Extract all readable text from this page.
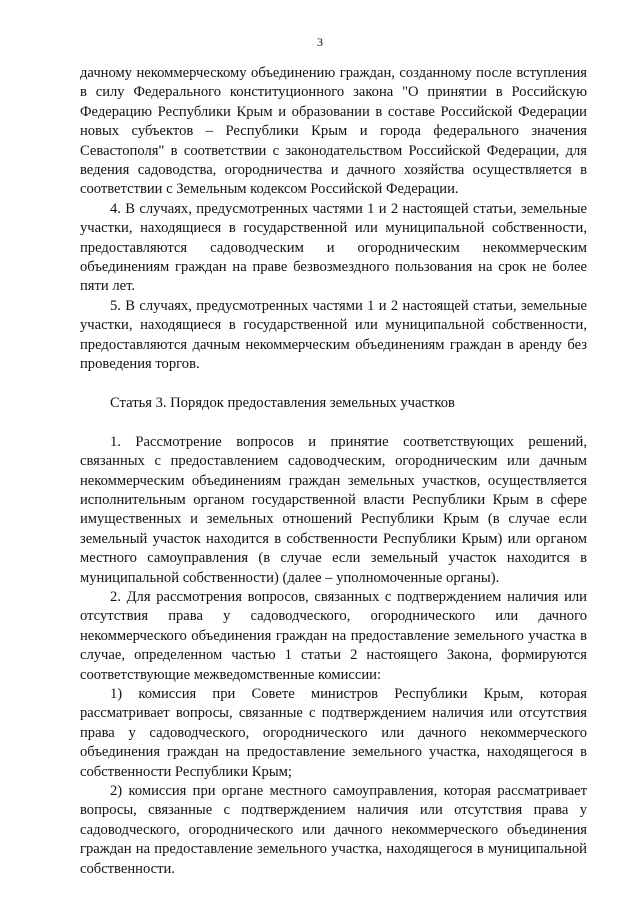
3

дачному некоммерческому объединению граждан, созданному после вступления в силу Федерального конституционного закона "О принятии в Российскую Федерацию Республики Крым и образовании в составе Российской Федерации новых субъектов – Республики Крым и города федерального значения Севастополя" в соответствии с законодательством Российской Федерации, для ведения садоводства, огородничества и дачного хозяйства осуществляется в соответствии с Земельным кодексом Российской Федерации.

4. В случаях, предусмотренных частями 1 и 2 настоящей статьи, земельные участки, находящиеся в государственной или муниципальной собственности, предоставляются садоводческим и огородническим некоммерческим объединениям граждан на праве безвозмездного пользования на срок не более пяти лет.

5. В случаях, предусмотренных частями 1 и 2 настоящей статьи, земельные участки, находящиеся в государственной или муниципальной собственности, предоставляются дачным некоммерческим объединениям граждан в аренду без проведения торгов.

Статья 3. Порядок предоставления земельных участков

1. Рассмотрение вопросов и принятие соответствующих решений, связанных с предоставлением садоводческим, огородническим или дачным некоммерческим объединениям граждан земельных участков, осуществляется исполнительным органом государственной власти Республики Крым в сфере имущественных и земельных отношений Республики Крым (в случае если земельный участок находится в собственности Республики Крым) или органом местного самоуправления (в случае если земельный участок находится в муниципальной собственности) (далее – уполномоченные органы).

2. Для рассмотрения вопросов, связанных с подтверждением наличия или отсутствия права у садоводческого, огороднического или дачного некоммерческого объединения граждан на предоставление земельного участка в случае, определенном частью 1 статьи 2 настоящего Закона, формируются соответствующие межведомственные комиссии:

1) комиссия при Совете министров Республики Крым, которая рассматривает вопросы, связанные с подтверждением наличия или отсутствия права у садоводческого, огороднического или дачного некоммерческого объединения граждан на предоставление земельного участка, находящегося в собственности Республики Крым;

2) комиссия при органе местного самоуправления, которая рассматривает вопросы, связанные с подтверждением наличия или отсутствия права у садоводческого, огороднического или дачного некоммерческого объединения граждан на предоставление земельного участка, находящегося в муниципальной собственности.
